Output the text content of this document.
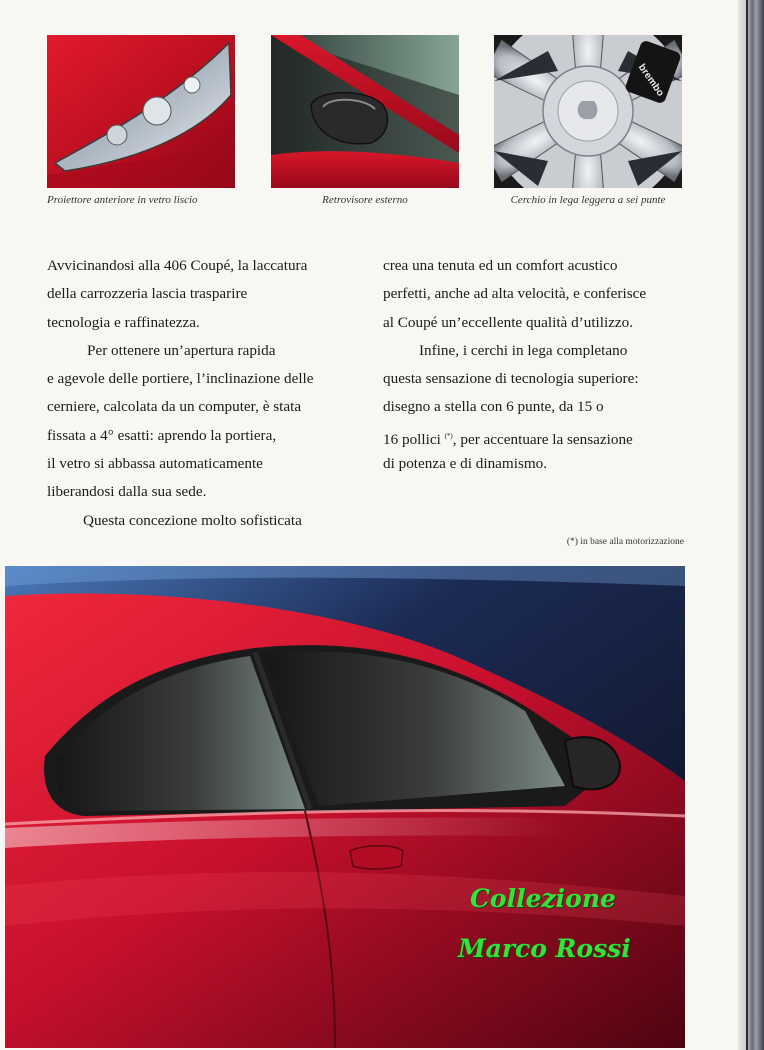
Proiettore anteriore in vetro liscio	Retrovisore esterno
brembo
Cerchio in lega leggera a sei punte
Avvicinandosi alla 406 Coupé, la laccatura
della carrozzeria lascia trasparire
tecnologia e raffinatezza.
Per ottenere un’apertura rapida
e agevole delle portiere, l’inclinazione delle
cerniere, calcolata da un computer, è stata
fissata a 4° esatti: aprendo la portiera,
il vetro si abbassa automaticamente
liberandosi dalla sua sede.
Questa concezione molto sofisticata
crea una tenuta ed un comfort acustico
perfetti, anche ad alta velocità, e conferisce
al Coupé un’eccellente qualità d’utilizzo.
Infine, i cerchi in lega completano
questa sensazione di tecnologia superiore:
disegno a stella con 6 punte, da 15 o
16 pollici (*), per accentuare la sensazione
di potenza e di dinamismo.
(*) in base alla motorizzazione
Collezione
Marco Rossi
